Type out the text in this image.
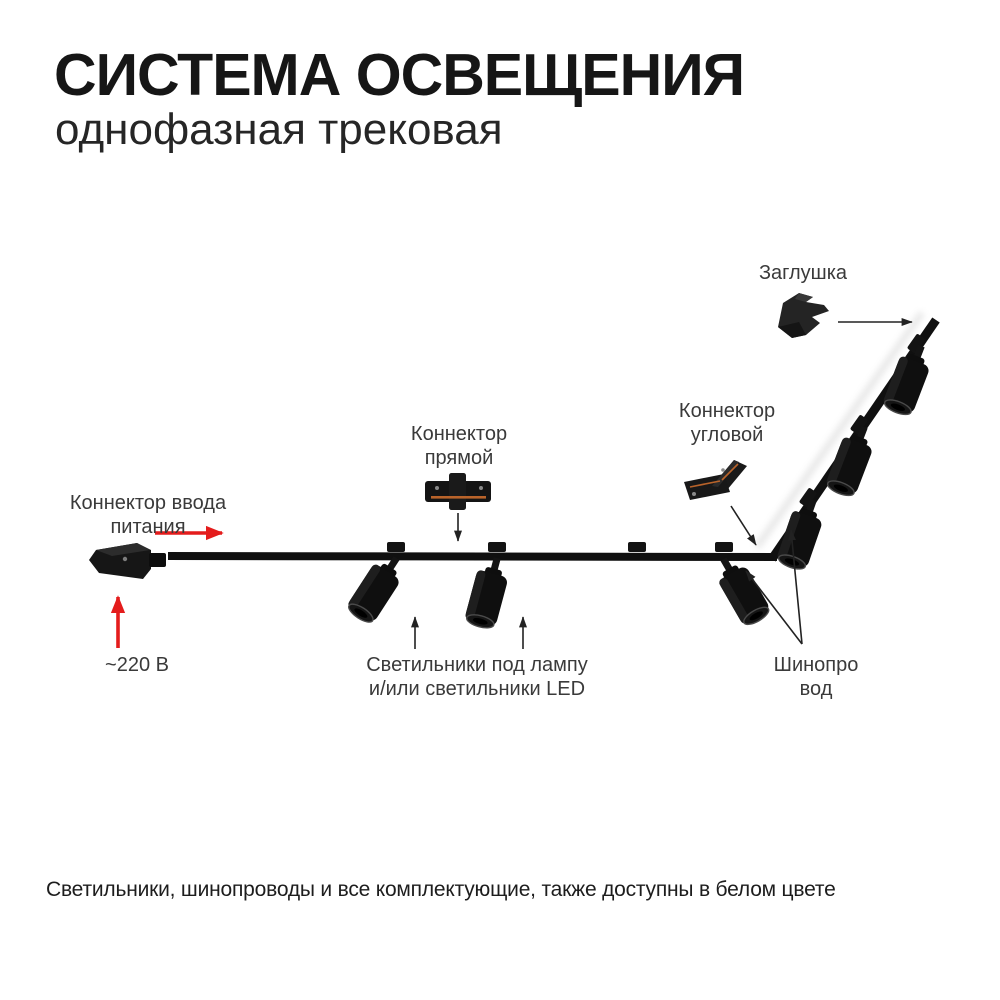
СИСТЕМА ОСВЕЩЕНИЯ
однофазная трековая
Заглушка
Коннектор ввода
питания
Коннектор
прямой
Коннектор
угловой
~220 В	Светильники под лампу
и/или светильники LED
Шинопро
вод
Светильники, шинопроводы и все комплектующие, также доступны в белом цвете
